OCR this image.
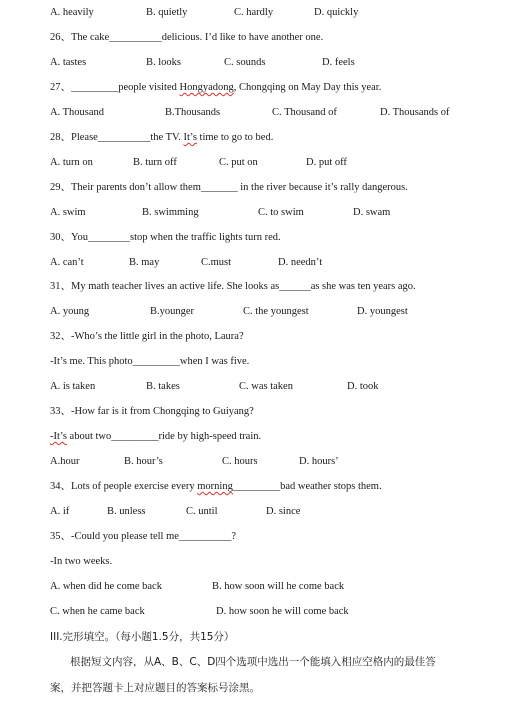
A. heavily	B. quietly	C. hardly	D. quickly
26、The cake__________delicious. I’d like to have another one.
A. tastes	B. looks	C. sounds	D. feels
27、_________people visited Hongyadong, Chongqing on May Day this year.
A. Thousand	B.Thousands	C. Thousand of	D. Thousands of
28、Please__________the TV. It’s time to go to bed.
A. turn on	B. turn off	C. put on	D. put off
29、Their parents don’t allow them_______ in the river because it’s rally dangerous.
A. swim	B. swimming	C. to swim	D. swam
30、You________stop when the traffic lights turn red.
A. can’t	B. may	C.must	D. needn’t
31、My math teacher lives an active life. She looks as______as she was ten years ago.
A. young	B.younger	C. the youngest	D. youngest
32、-Who’s the little girl in the photo, Laura?
-It’s me. This photo_________when I was five.
A. is taken	B. takes	C. was taken	D. took
33、-How far is it from Chongqing to Guiyang?
-It’s about two_________ride by high-speed train.
A.hour	B. hour’s	C. hours	D. hours’
34、Lots of people exercise every morning_________bad weather stops them.
A. if	B. unless	C. until	D. since
35、-Could you please tell me__________?
-In two weeks.
A. when did he come back	B. how soon will he come back
C. when he came back	D. how soon he will come back
III.完形填空。（每小题1.5分，共15分）
根据短文内容，从A、B、C、D四个选项中选出一个能填入相应空格内的最佳答
案，并把答题卡上对应题目的答案标号涂黑。
